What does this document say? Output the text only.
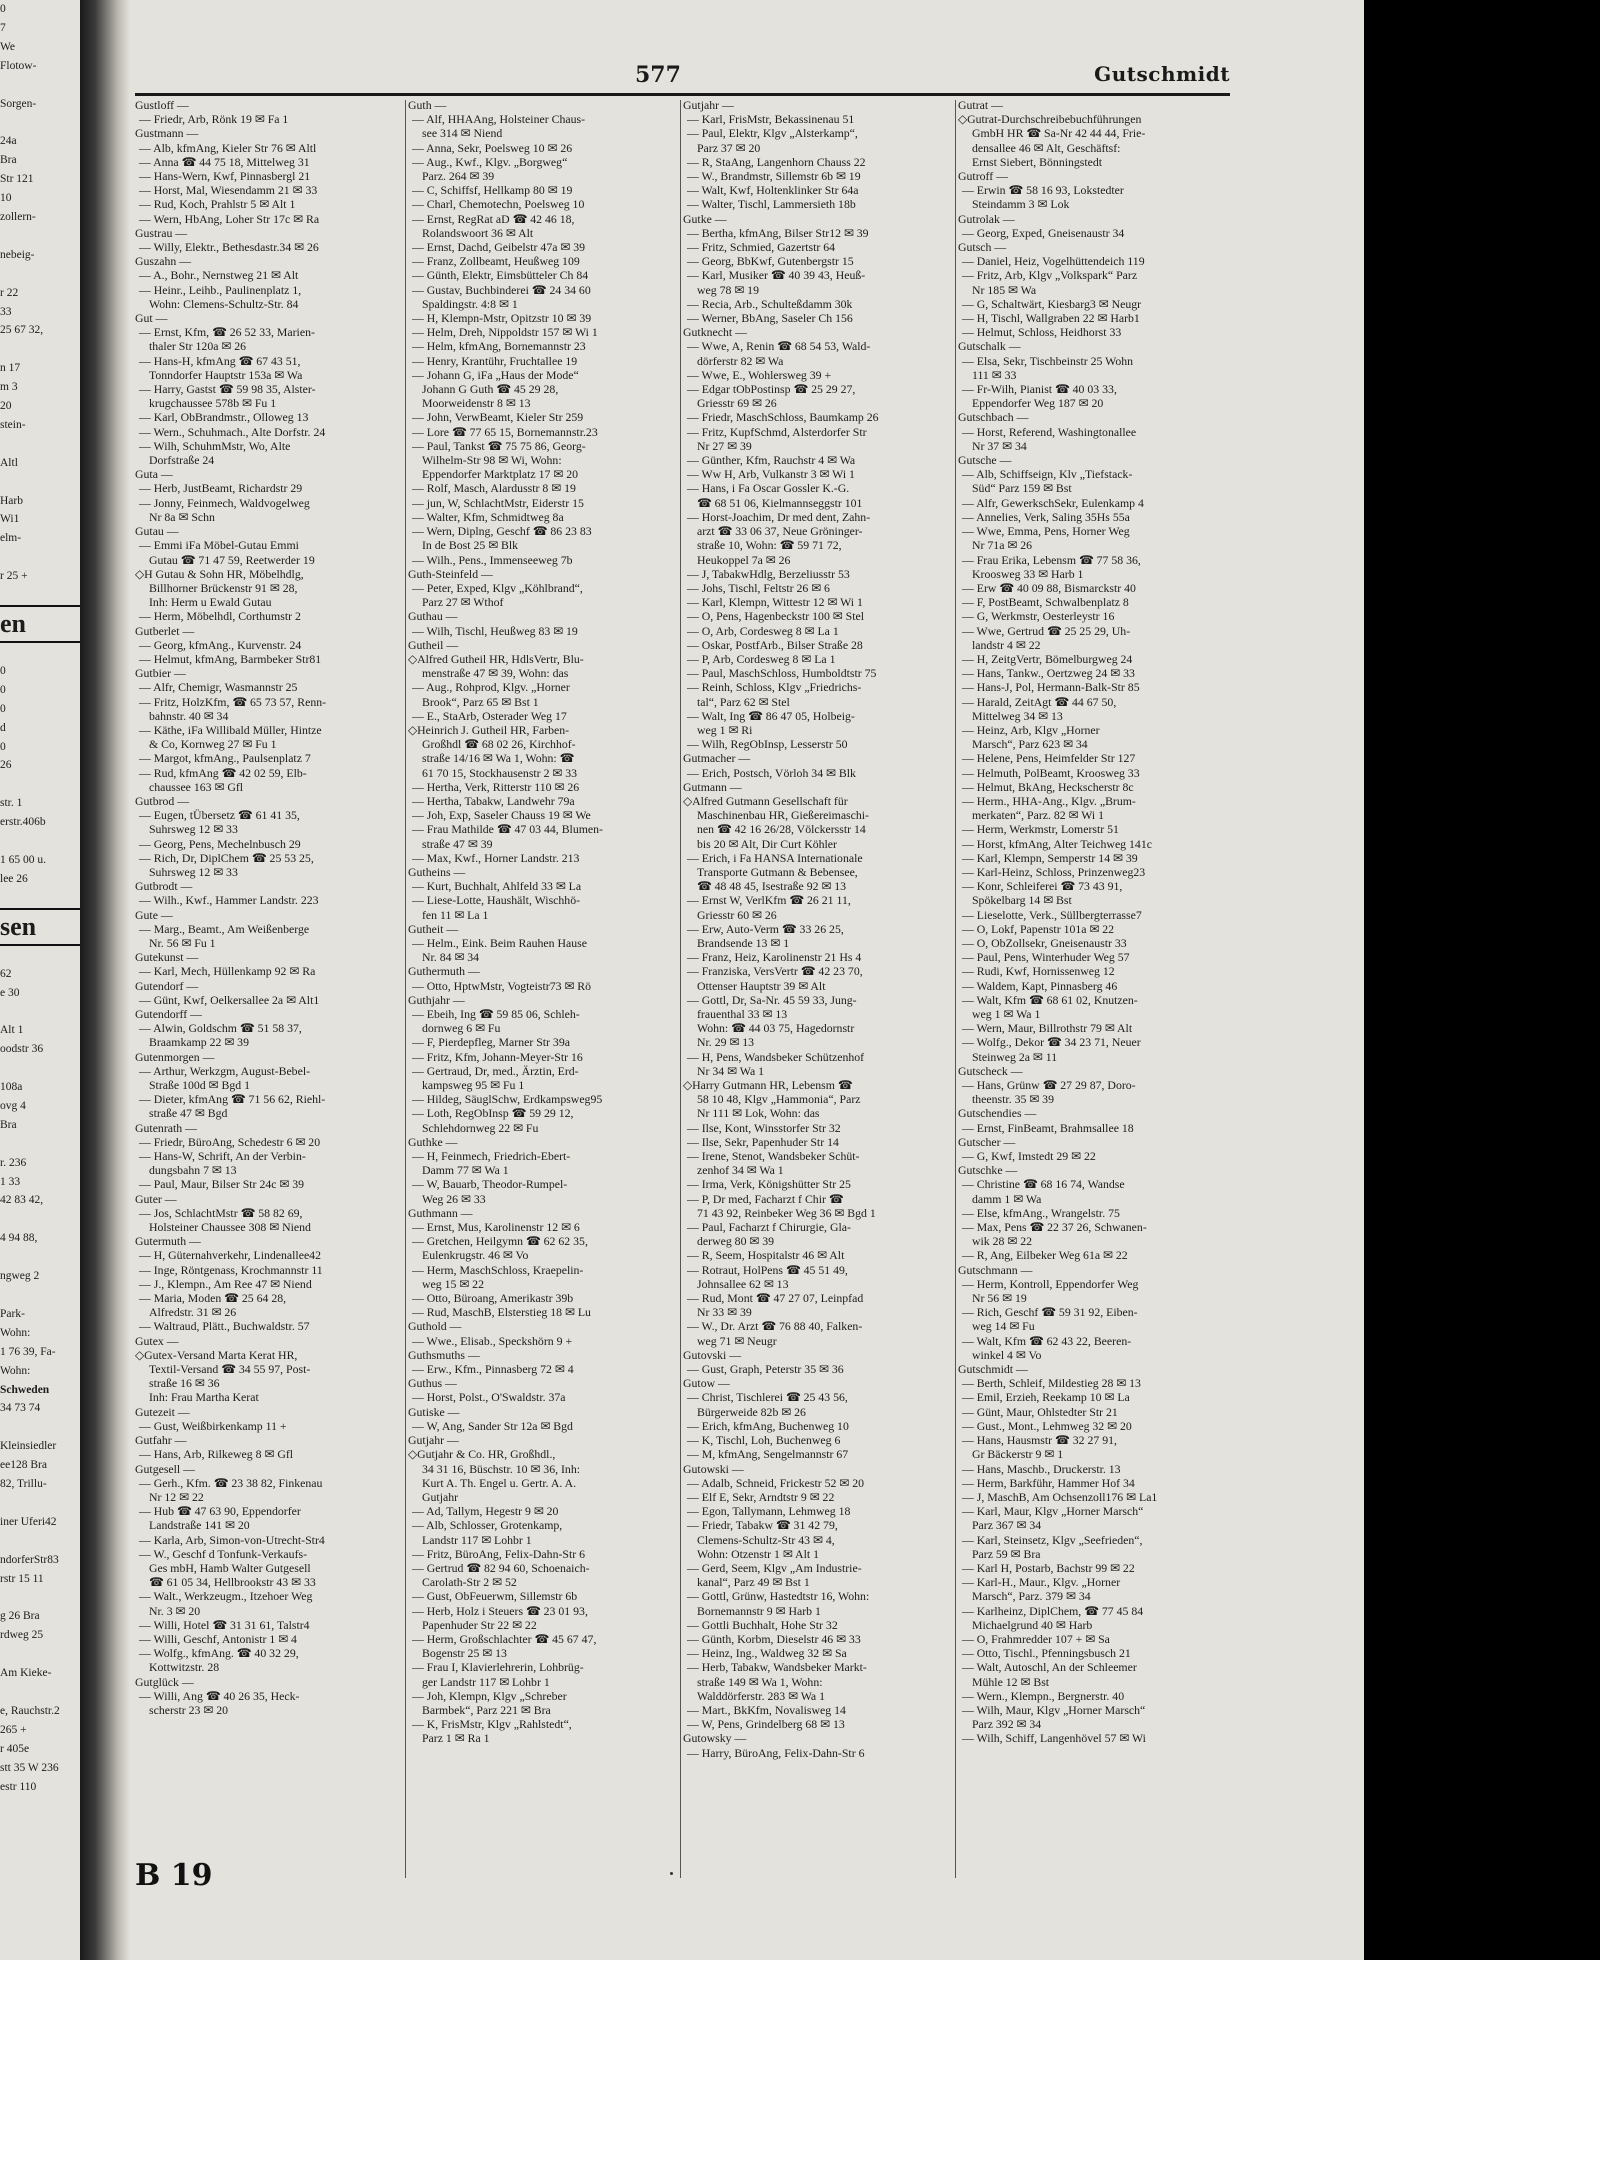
0
7
We
Flotow-

Sorgen-

24a
Bra
Str 121
10
zollern-

nebeig-

r 22
33
25 67 32,

n 17
m 3
20
stein-

Altl

Harb
Wi1
elm-

r 25 +

en

0
0
0
d
0
26

str. 1
erstr.406b

1 65 00 u.
lee 26

sen

62
e 30

Alt 1
oodstr 36

108a
ovg 4
Bra

r. 236
1 33
42 83 42,

4 94 88,

ngweg 2

Park-
Wohn:
1 76 39, Fa-
Wohn:
Schweden
34 73 74

Kleinsiedler
ee128 Bra
82, Trillu-

iner Uferi42

ndorferStr83
rstr 15 11

g 26 Bra
rdweg 25

Am Kieke-

e, Rauchstr.2
265 +
r 405e
stt 35 W 236
estr 110
577	Gutschmidt
Gustloff —
— Friedr, Arb, Rönk 19 ✉ Fa 1
Gustmann —
— Alb, kfmAng, Kieler Str 76 ✉ Altl
— Anna ☎ 44 75 18, Mittelweg 31
— Hans-Wern, Kwf, Pinnasbergl 21
— Horst, Mal, Wiesendamm 21 ✉ 33
— Rud, Koch, Prahlstr 5 ✉ Alt 1
— Wern, HbAng, Loher Str 17c ✉ Ra
Gustrau —
— Willy, Elektr., Bethesdastr.34 ✉ 26
Guszahn —
— A., Bohr., Nernstweg 21 ✉ Alt
— Heinr., Leihb., Paulinenplatz 1,
Wohn: Clemens-Schultz-Str. 84
Gut —
— Ernst, Kfm, ☎ 26 52 33, Marien-
thaler Str 120a ✉ 26
— Hans-H, kfmAng ☎ 67 43 51,
Tonndorfer Hauptstr 153a ✉ Wa
— Harry, Gastst ☎ 59 98 35, Alster-
krugchaussee 578b ✉ Fu 1
— Karl, ObBrandmstr., Olloweg 13
— Wern., Schuhmach., Alte Dorfstr. 24
— Wilh, SchuhmMstr, Wo, Alte
Dorfstraße 24
Guta —
— Herb, JustBeamt, Richardstr 29
— Jonny, Feinmech, Waldvogelweg
Nr 8a ✉ Schn
Gutau —
— Emmi iFa Möbel-Gutau Emmi
Gutau ☎ 71 47 59, Reetwerder 19
◇ H Gutau & Sohn HR, Möbelhdlg,
Billhorner Brückenstr 91 ✉ 28,
Inh: Herm u Ewald Gutau
— Herm, Möbelhdl, Corthumstr 2
Gutberlet —
— Georg, kfmAng., Kurvenstr. 24
— Helmut, kfmAng, Barmbeker Str81
Gutbier —
— Alfr, Chemigr, Wasmannstr 25
— Fritz, HolzKfm, ☎ 65 73 57, Renn-
bahnstr. 40 ✉ 34
— Käthe, iFa Willibald Müller, Hintze
& Co, Kornweg 27 ✉ Fu 1
— Margot, kfmAng., Paulsenplatz 7
— Rud, kfmAng ☎ 42 02 59, Elb-
chaussee 163 ✉ Gfl
Gutbrod —
— Eugen, tÜbersetz ☎ 61 41 35,
Suhrsweg 12 ✉ 33
— Georg, Pens, Mechelnbusch 29
— Rich, Dr, DiplChem ☎ 25 53 25,
Suhrsweg 12 ✉ 33
Gutbrodt —
— Wilh., Kwf., Hammer Landstr. 223
Gute —
— Marg., Beamt., Am Weißenberge
Nr. 56 ✉ Fu 1
Gutekunst —
— Karl, Mech, Hüllenkamp 92 ✉ Ra
Gutendorf —
— Günt, Kwf, Oelkersallee 2a ✉ Alt1
Gutendorff —
— Alwin, Goldschm ☎ 51 58 37,
Braamkamp 22 ✉ 39
Gutenmorgen —
— Arthur, Werkzgm, August-Bebel-
Straße 100d ✉ Bgd 1
— Dieter, kfmAng ☎ 71 56 62, Riehl-
straße 47 ✉ Bgd
Gutenrath —
— Friedr, BüroAng, Schedestr 6 ✉ 20
— Hans-W, Schrift, An der Verbin-
dungsbahn 7 ✉ 13
— Paul, Maur, Bilser Str 24c ✉ 39
Guter —
— Jos, SchlachtMstr ☎ 58 82 69,
Holsteiner Chaussee 308 ✉ Niend
Gutermuth —
— H, Güternahverkehr, Lindenallee42
— Inge, Röntgenass, Krochmannstr 11
— J., Klempn., Am Ree 47 ✉ Niend
— Maria, Moden ☎ 25 64 28,
Alfredstr. 31 ✉ 26
— Waltraud, Plätt., Buchwaldstr. 57
Gutex —
◇ Gutex-Versand Marta Kerat HR,
Textil-Versand ☎ 34 55 97, Post-
straße 16 ✉ 36
Inh: Frau Martha Kerat
Gutezeit —
— Gust, Weißbirkenkamp 11 +
Gutfahr —
— Hans, Arb, Rilkeweg 8 ✉ Gfl
Gutgesell —
— Gerh., Kfm. ☎ 23 38 82, Finkenau
Nr 12 ✉ 22
— Hub ☎ 47 63 90, Eppendorfer
Landstraße 141 ✉ 20
— Karla, Arb, Simon-von-Utrecht-Str4
— W., Geschf d Tonfunk-Verkaufs-
Ges mbH, Hamb Walter Gutgesell
☎ 61 05 34, Hellbrookstr 43 ✉ 33
— Walt., Werkzeugm., Itzehoer Weg
Nr. 3 ✉ 20
— Willi, Hotel ☎ 31 31 61, Talstr4
— Willi, Geschf, Antonistr 1 ✉ 4
— Wolfg., kfmAng. ☎ 40 32 29,
Kottwitzstr. 28
Gutglück —
— Willi, Ang ☎ 40 26 35, Heck-
scherstr 23 ✉ 20
Guth —
— Alf, HHAAng, Holsteiner Chaus-
see 314 ✉ Niend
— Anna, Sekr, Poelsweg 10 ✉ 26
— Aug., Kwf., Klgv. „Borgweg“
Parz. 264 ✉ 39
— C, Schiffsf, Hellkamp 80 ✉ 19
— Charl, Chemotechn, Poelsweg 10
— Ernst, RegRat aD ☎ 42 46 18,
Rolandswoort 36 ✉ Alt
— Ernst, Dachd, Geibelstr 47a ✉ 39
— Franz, Zollbeamt, Heußweg 109
— Günth, Elektr, Eimsbütteler Ch 84
— Gustav, Buchbinderei ☎ 24 34 60
Spaldingstr. 4:8 ✉ 1
— H, Klempn-Mstr, Opitzstr 10 ✉ 39
— Helm, Dreh, Nippoldstr 157 ✉ Wi 1
— Helm, kfmAng, Bornemannstr 23
— Henry, Krantühr, Fruchtallee 19
— Johann G, iFa „Haus der Mode“
Johann G Guth ☎ 45 29 28,
Moorweidenstr 8 ✉ 13
— John, VerwBeamt, Kieler Str 259
— Lore ☎ 77 65 15, Bornemannstr.23
— Paul, Tankst ☎ 75 75 86, Georg-
Wilhelm-Str 98 ✉ Wi, Wohn:
Eppendorfer Marktplatz 17 ✉ 20
— Rolf, Masch, Alardusstr 8 ✉ 19
— jun, W, SchlachtMstr, Eiderstr 15
— Walter, Kfm, Schmidtweg 8a
— Wern, Diplng, Geschf ☎ 86 23 83
In de Bost 25 ✉ Blk
— Wilh., Pens., Immenseeweg 7b
Guth-Steinfeld —
— Peter, Exped, Klgv „Köhlbrand“,
Parz 27 ✉ Wthof
Guthau —
— Wilh, Tischl, Heußweg 83 ✉ 19
Gutheil —
◇ Alfred Gutheil HR, HdlsVertr, Blu-
menstraße 47 ✉ 39, Wohn: das
— Aug., Rohprod, Klgv. „Horner
Brook“, Parz 65 ✉ Bst 1
— E., StaArb, Osterader Weg 17
◇ Heinrich J. Gutheil HR, Farben-
Großhdl ☎ 68 02 26, Kirchhof-
straße 14/16 ✉ Wa 1, Wohn: ☎
61 70 15, Stockhausenstr 2 ✉ 33
— Hertha, Verk, Ritterstr 110 ✉ 26
— Hertha, Tabakw, Landwehr 79a
— Joh, Exp, Saseler Chauss 19 ✉ We
— Frau Mathilde ☎ 47 03 44, Blumen-
straße 47 ✉ 39
— Max, Kwf., Horner Landstr. 213
Gutheins —
— Kurt, Buchhalt, Ahlfeld 33 ✉ La
— Liese-Lotte, Haushält, Wischhö-
fen 11 ✉ La 1
Gutheit —
— Helm., Eink. Beim Rauhen Hause
Nr. 84 ✉ 34
Guthermuth —
— Otto, HptwMstr, Vogteistr73 ✉ Rö
Guthjahr —
— Ebeih, Ing ☎ 59 85 06, Schleh-
dornweg 6 ✉ Fu
— F, Pierdepfleg, Marner Str 39a
— Fritz, Kfm, Johann-Meyer-Str 16
— Gertraud, Dr, med., Ärztin, Erd-
kampsweg 95 ✉ Fu 1
— Hildeg, SäuglSchw, Erdkampsweg95
— Loth, RegObInsp ☎ 59 29 12,
Schlehdornweg 22 ✉ Fu
Guthke —
— H, Feinmech, Friedrich-Ebert-
Damm 77 ✉ Wa 1
— W, Bauarb, Theodor-Rumpel-
Weg 26 ✉ 33
Guthmann —
— Ernst, Mus, Karolinenstr 12 ✉ 6
— Gretchen, Heilgymn ☎ 62 62 35,
Eulenkrugstr. 46 ✉ Vo
— Herm, MaschSchloss, Kraepelin-
weg 15 ✉ 22
— Otto, Büroang, Amerikastr 39b
— Rud, MaschB, Elsterstieg 18 ✉ Lu
Guthold —
— Wwe., Elisab., Speckshörn 9 +
Guthsmuths —
— Erw., Kfm., Pinnasberg 72 ✉ 4
Guthus —
— Horst, Polst., O'Swaldstr. 37a
Gutiske —
— W, Ang, Sander Str 12a ✉ Bgd
Gutjahr —
◇ Gutjahr & Co. HR, Großhdl.,
34 31 16, Büschstr. 10 ✉ 36, Inh:
Kurt A. Th. Engel u. Gertr. A. A.
Gutjahr
— Ad, Tallym, Hegestr 9 ✉ 20
— Alb, Schlosser, Grotenkamp,
Landstr 117 ✉ Lohbr 1
— Fritz, BüroAng, Felix-Dahn-Str 6
— Gertrud ☎ 82 94 60, Schoenaich-
Carolath-Str 2 ✉ 52
— Gust, ObFeuerwm, Sillemstr 6b
— Herb, Holz i Steuers ☎ 23 01 93,
Papenhuder Str 22 ✉ 22
— Herm, Großschlachter ☎ 45 67 47,
Bogenstr 25 ✉ 13
— Frau I, Klavierlehrerin, Lohbrüg-
ger Landstr 117 ✉ Lohbr 1
— Joh, Klempn, Klgv „Schreber
Barmbek“, Parz 221 ✉ Bra
— K, FrisMstr, Klgv „Rahlstedt“,
Parz 1 ✉ Ra 1
Gutjahr —
— Karl, FrisMstr, Bekassinenau 51
— Paul, Elektr, Klgv „Alsterkamp“,
Parz 37 ✉ 20
— R, StaAng, Langenhorn Chauss 22
— W., Brandmstr, Sillemstr 6b ✉ 19
— Walt, Kwf, Holtenklinker Str 64a
— Walter, Tischl, Lammersieth 18b
Gutke —
— Bertha, kfmAng, Bilser Str12 ✉ 39
— Fritz, Schmied, Gazertstr 64
— Georg, BbKwf, Gutenbergstr 15
— Karl, Musiker ☎ 40 39 43, Heuß-
weg 78 ✉ 19
— Recia, Arb., Schulteßdamm 30k
— Werner, BbAng, Saseler Ch 156
Gutknecht —
— Wwe, A, Renin ☎ 68 54 53, Wald-
dörferstr 82 ✉ Wa
— Wwe, E., Wohlersweg 39 +
— Edgar tObPostinsp ☎ 25 29 27,
Griesstr 69 ✉ 26
— Friedr, MaschSchloss, Baumkamp 26
— Fritz, KupfSchmd, Alsterdorfer Str
Nr 27 ✉ 39
— Günther, Kfm, Rauchstr 4 ✉ Wa
— Ww H, Arb, Vulkanstr 3 ✉ Wi 1
— Hans, i Fa Oscar Gossler K.-G.
☎ 68 51 06, Kielmannseggstr 101
— Horst-Joachim, Dr med dent, Zahn-
arzt ☎ 33 06 37, Neue Gröninger-
straße 10, Wohn: ☎ 59 71 72,
Heukoppel 7a ✉ 26
— J, TabakwHdlg, Berzeliusstr 53
— Johs, Tischl, Feltstr 26 ✉ 6
— Karl, Klempn, Wittestr 12 ✉ Wi 1
— O, Pens, Hagenbeckstr 100 ✉ Stel
— O, Arb, Cordesweg 8 ✉ La 1
— Oskar, PostfArb., Bilser Straße 28
— P, Arb, Cordesweg 8 ✉ La 1
— Paul, MaschSchloss, Humboldtstr 75
— Reinh, Schloss, Klgv „Friedrichs-
tal“, Parz 62 ✉ Stel
— Walt, Ing ☎ 86 47 05, Holbeig-
weg 1 ✉ Ri
— Wilh, RegObInsp, Lesserstr 50
Gutmacher —
— Erich, Postsch, Vörloh 34 ✉ Blk
Gutmann —
◇ Alfred Gutmann Gesellschaft für
Maschinenbau HR, Gießereimaschi-
nen ☎ 42 16 26/28, Völckersstr 14
bis 20 ✉ Alt, Dir Curt Köhler
— Erich, i Fa HANSA Internationale
Transporte Gutmann & Bebensee,
☎ 48 48 45, Isestraße 92 ✉ 13
— Ernst W, VerlKfm ☎ 26 21 11,
Griesstr 60 ✉ 26
— Erw, Auto-Verm ☎ 33 26 25,
Brandsende 13 ✉ 1
— Franz, Heiz, Karolinenstr 21 Hs 4
— Franziska, VersVertr ☎ 42 23 70,
Ottenser Hauptstr 39 ✉ Alt
— Gottl, Dr, Sa-Nr. 45 59 33, Jung-
frauenthal 33 ✉ 13
Wohn: ☎ 44 03 75, Hagedornstr
Nr. 29 ✉ 13
— H, Pens, Wandsbeker Schützenhof
Nr 34 ✉ Wa 1
◇ Harry Gutmann HR, Lebensm ☎
58 10 48, Klgv „Hammonia“, Parz
Nr 111 ✉ Lok, Wohn: das
— Ilse, Kont, Winsstorfer Str 32
— Ilse, Sekr, Papenhuder Str 14
— Irene, Stenot, Wandsbeker Schüt-
zenhof 34 ✉ Wa 1
— Irma, Verk, Königshütter Str 25
— P, Dr med, Facharzt f Chir ☎
71 43 92, Reinbeker Weg 36 ✉ Bgd 1
— Paul, Facharzt f Chirurgie, Gla-
derweg 80 ✉ 39
— R, Seem, Hospitalstr 46 ✉ Alt
— Rotraut, HolPens ☎ 45 51 49,
Johnsallee 62 ✉ 13
— Rud, Mont ☎ 47 27 07, Leinpfad
Nr 33 ✉ 39
— W., Dr. Arzt ☎ 76 88 40, Falken-
weg 71 ✉ Neugr
Gutovski —
— Gust, Graph, Peterstr 35 ✉ 36
Gutow —
— Christ, Tischlerei ☎ 25 43 56,
Bürgerweide 82b ✉ 26
— Erich, kfmAng, Buchenweg 10
— K, Tischl, Loh, Buchenweg 6
— M, kfmAng, Sengelmannstr 67
Gutowski —
— Adalb, Schneid, Frickestr 52 ✉ 20
— Elf E, Sekr, Arndtstr 9 ✉ 22
— Egon, Tallymann, Lehmweg 18
— Friedr, Tabakw ☎ 31 42 79,
Clemens-Schultz-Str 43 ✉ 4,
Wohn: Otzenstr 1 ✉ Alt 1
— Gerd, Seem, Klgv „Am Industrie-
kanal“, Parz 49 ✉ Bst 1
— Gottl, Grünw, Hastedtstr 16, Wohn:
Bornemannstr 9 ✉ Harb 1
— Gottli Buchhalt, Hohe Str 32
— Günth, Korbm, Dieselstr 46 ✉ 33
— Heinz, Ing., Waldweg 32 ✉ Sa
— Herb, Tabakw, Wandsbeker Markt-
straße 149 ✉ Wa 1, Wohn:
Walddörferstr. 283 ✉ Wa 1
— Mart., BkKfm, Novalisweg 14
— W, Pens, Grindelberg 68 ✉ 13
Gutowsky —
— Harry, BüroAng, Felix-Dahn-Str 6
Gutrat —
◇ Gutrat-Durchschreibebuchführungen
GmbH HR ☎ Sa-Nr 42 44 44, Frie-
densallee 46 ✉ Alt, Geschäftsf:
Ernst Siebert, Bönningstedt
Gutroff —
— Erwin ☎ 58 16 93, Lokstedter
Steindamm 3 ✉ Lok
Gutrolak —
— Georg, Exped, Gneisenaustr 34
Gutsch —
— Daniel, Heiz, Vogelhüttendeich 119
— Fritz, Arb, Klgv „Volkspark“ Parz
Nr 185 ✉ Wa
— G, Schaltwärt, Kiesbarg3 ✉ Neugr
— H, Tischl, Wallgraben 22 ✉ Harb1
— Helmut, Schloss, Heidhorst 33
Gutschalk —
— Elsa, Sekr, Tischbeinstr 25 Wohn
111 ✉ 33
— Fr-Wilh, Pianist ☎ 40 03 33,
Eppendorfer Weg 187 ✉ 20
Gutschbach —
— Horst, Referend, Washingtonallee
Nr 37 ✉ 34
Gutsche —
— Alb, Schiffseign, Klv „Tiefstack-
Süd“ Parz 159 ✉ Bst
— Alfr, GewerkschSekr, Eulenkamp 4
— Annelies, Verk, Saling 35Hs 55a
— Wwe, Emma, Pens, Horner Weg
Nr 71a ✉ 26
— Frau Erika, Lebensm ☎ 77 58 36,
Kroosweg 33 ✉ Harb 1
— Erw ☎ 40 09 88, Bismarckstr 40
— F, PostBeamt, Schwalbenplatz 8
— G, Werkmstr, Oesterleystr 16
— Wwe, Gertrud ☎ 25 25 29, Uh-
landstr 4 ✉ 22
— H, ZeitgVertr, Bömelburgweg 24
— Hans, Tankw., Oertzweg 24 ✉ 33
— Hans-J, Pol, Hermann-Balk-Str 85
— Harald, ZeitAgt ☎ 44 67 50,
Mittelweg 34 ✉ 13
— Heinz, Arb, Klgv „Horner
Marsch“, Parz 623 ✉ 34
— Helene, Pens, Heimfelder Str 127
— Helmuth, PolBeamt, Kroosweg 33
— Helmut, BkAng, Heckscherstr 8c
— Herm., HHA-Ang., Klgv. „Brum-
merkaten“, Parz. 82 ✉ Wi 1
— Herm, Werkmstr, Lomerstr 51
— Horst, kfmAng, Alter Teichweg 141c
— Karl, Klempn, Semperstr 14 ✉ 39
— Karl-Heinz, Schloss, Prinzenweg23
— Konr, Schleiferei ☎ 73 43 91,
Spökelbarg 14 ✉ Bst
— Lieselotte, Verk., Süllbergterrasse7
— O, Lokf, Papenstr 101a ✉ 22
— O, ObZollsekr, Gneisenaustr 33
— Paul, Pens, Winterhuder Weg 57
— Rudi, Kwf, Hornissenweg 12
— Waldem, Kapt, Pinnasberg 46
— Walt, Kfm ☎ 68 61 02, Knutzen-
weg 1 ✉ Wa 1
— Wern, Maur, Billrothstr 79 ✉ Alt
— Wolfg., Dekor ☎ 34 23 71, Neuer
Steinweg 2a ✉ 11
Gutscheck —
— Hans, Grünw ☎ 27 29 87, Doro-
theenstr. 35 ✉ 39
Gutschendies —
— Ernst, FinBeamt, Brahmsallee 18
Gutscher —
— G, Kwf, Imstedt 29 ✉ 22
Gutschke —
— Christine ☎ 68 16 74, Wandse
damm 1 ✉ Wa
— Else, kfmAng., Wrangelstr. 75
— Max, Pens ☎ 22 37 26, Schwanen-
wik 28 ✉ 22
— R, Ang, Eilbeker Weg 61a ✉ 22
Gutschmann —
— Herm, Kontroll, Eppendorfer Weg
Nr 56 ✉ 19
— Rich, Geschf ☎ 59 31 92, Eiben-
weg 14 ✉ Fu
— Walt, Kfm ☎ 62 43 22, Beeren-
winkel 4 ✉ Vo
Gutschmidt —
— Berth, Schleif, Mildestieg 28 ✉ 13
— Emil, Erzieh, Reekamp 10 ✉ La
— Günt, Maur, Ohlstedter Str 21
— Gust., Mont., Lehmweg 32 ✉ 20
— Hans, Hausmstr ☎ 32 27 91,
Gr Bäckerstr 9 ✉ 1
— Hans, Maschb., Druckerstr. 13
— Herm, Barkführ, Hammer Hof 34
— J, MaschB, Am Ochsenzoll176 ✉ La1
— Karl, Maur, Klgv „Horner Marsch“
Parz 367 ✉ 34
— Karl, Steinsetz, Klgv „Seefrieden“,
Parz 59 ✉ Bra
— Karl H, Postarb, Bachstr 99 ✉ 22
— Karl-H., Maur., Klgv. „Horner
Marsch“, Parz. 379 ✉ 34
— Karlheinz, DiplChem, ☎ 77 45 84
Michaelgrund 40 ✉ Harb
— O, Frahmredder 107 + ✉ Sa
— Otto, Tischl., Pfenningsbusch 21
— Walt, Autoschl, An der Schleemer
Mühle 12 ✉ Bst
— Wern., Klempn., Bergnerstr. 40
— Wilh, Maur, Klgv „Horner Marsch“
Parz 392 ✉ 34
— Wilh, Schiff, Langenhövel 57 ✉ Wi
B 19
